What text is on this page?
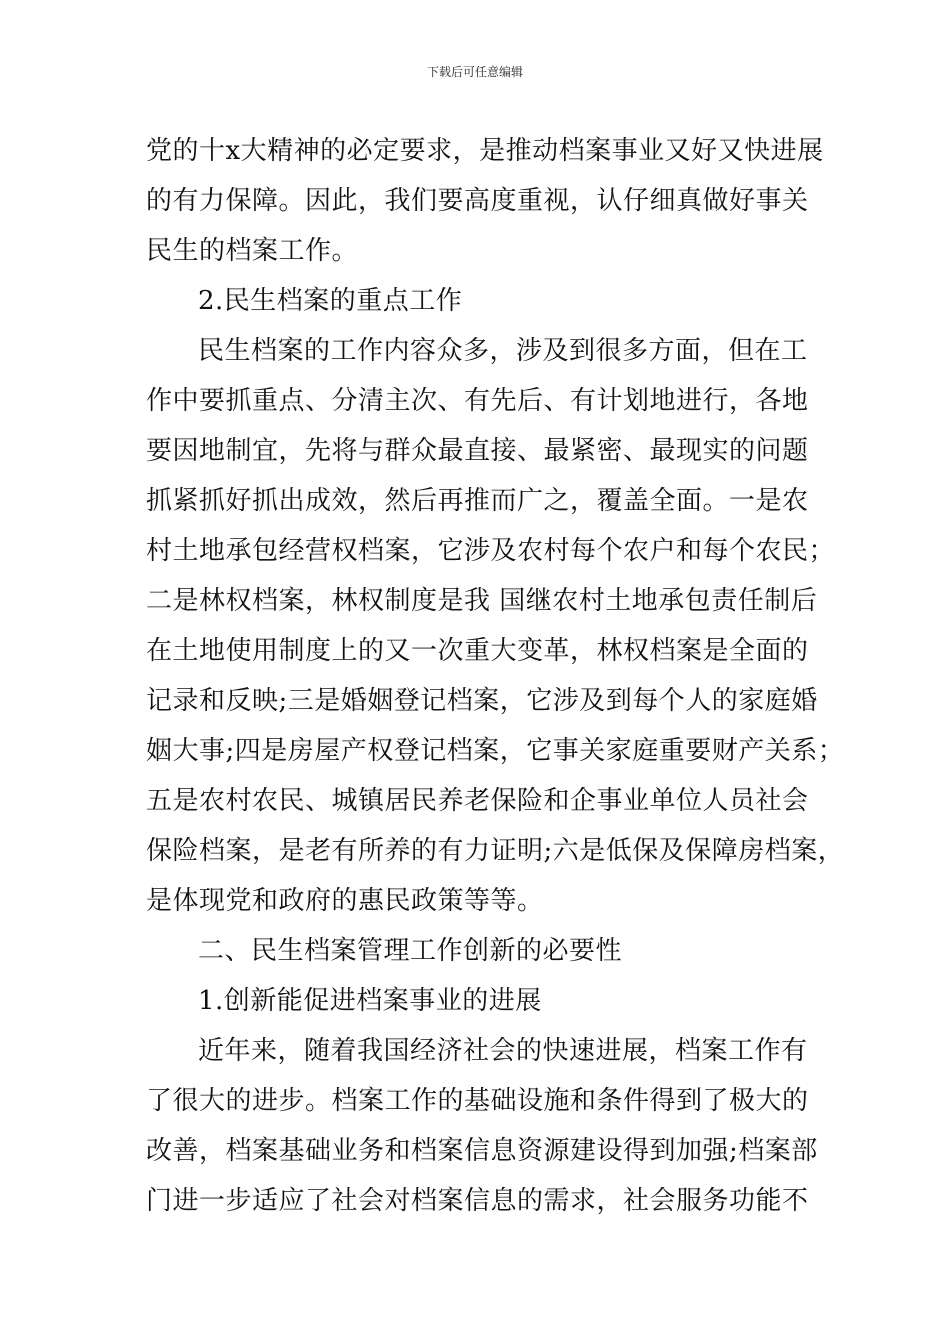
下载后可任意编辑
党的十x大精神的必定要求，是推动档案事业又好又快进展
的有力保障。因此，我们要高度重视，认仔细真做好事关
民生的档案工作。
2.民生档案的重点工作
民生档案的工作内容众多，涉及到很多方面，但在工
作中要抓重点、分清主次、有先后、有计划地进行，各地
要因地制宜，先将与群众最直接、最紧密、最现实的问题
抓紧抓好抓出成效，然后再推而广之，覆盖全面。一是农
村土地承包经营权档案，它涉及农村每个农户和每个农民；
二是林权档案，林权制度是我 国继农村土地承包责任制后
在土地使用制度上的又一次重大变革，林权档案是全面的
记录和反映;三是婚姻登记档案，它涉及到每个人的家庭婚
姻大事;四是房屋产权登记档案，它事关家庭重要财产关系；
五是农村农民、城镇居民养老保险和企事业单位人员社会
保险档案，是老有所养的有力证明;六是低保及保障房档案，
是体现党和政府的惠民政策等等。
二、民生档案管理工作创新的必要性
1.创新能促进档案事业的进展
近年来，随着我国经济社会的快速进展，档案工作有
了很大的进步。档案工作的基础设施和条件得到了极大的
改善，档案基础业务和档案信息资源建设得到加强;档案部
门进一步适应了社会对档案信息的需求，社会服务功能不
